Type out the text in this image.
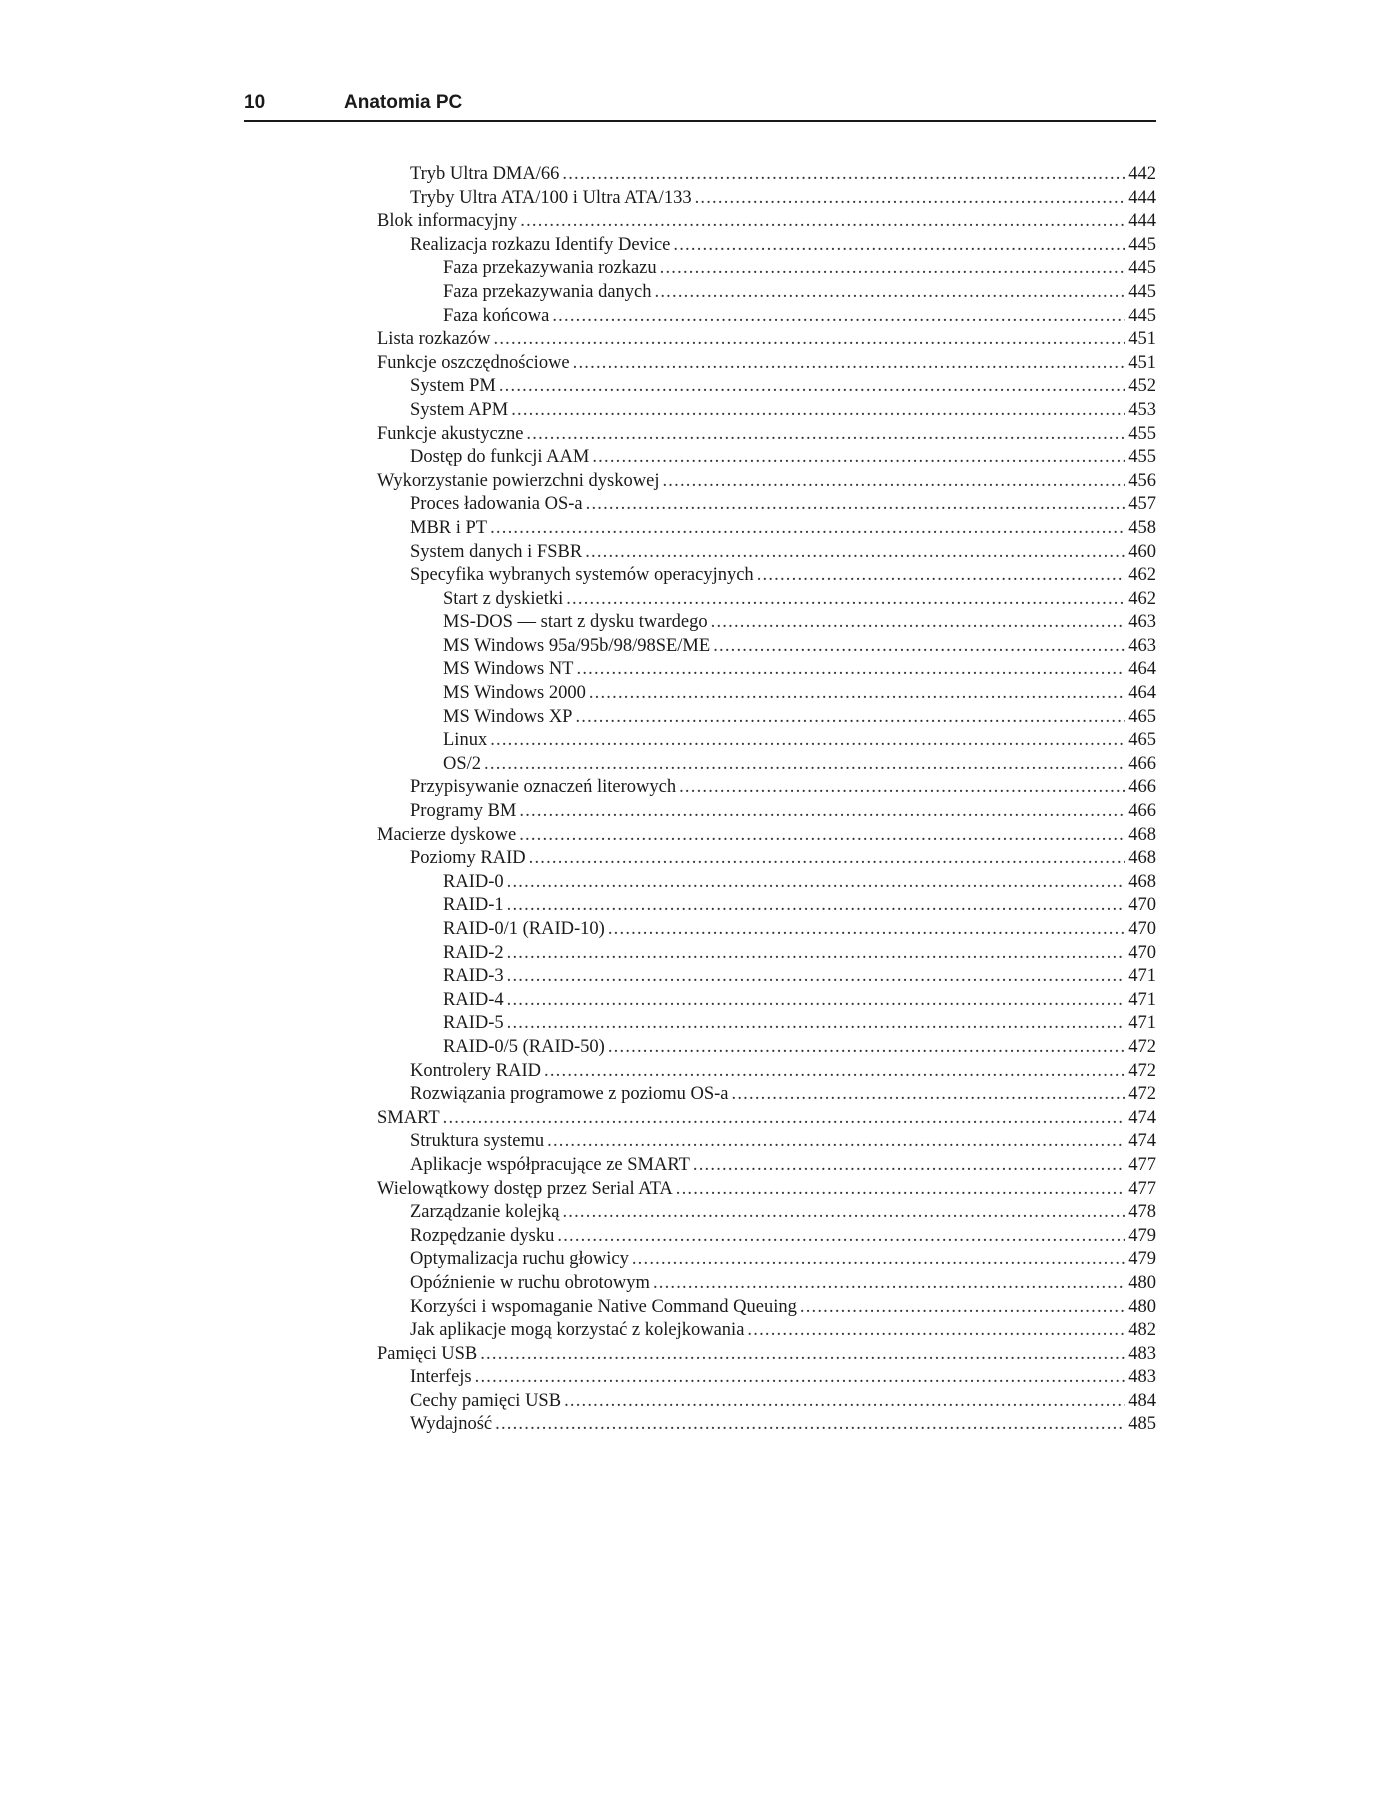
10	Anatomia PC
Tryb Ultra DMA/66 .....	442
Tryby Ultra ATA/100 i Ultra ATA/133 .....	444
Blok informacyjny .....	444
Realizacja rozkazu Identify Device .....	445
Faza przekazywania rozkazu .....	445
Faza przekazywania danych .....	445
Faza końcowa .....	445
Lista rozkazów .....	451
Funkcje oszczędnościowe .....	451
System PM .....	452
System APM .....	453
Funkcje akustyczne .....	455
Dostęp do funkcji AAM .....	455
Wykorzystanie powierzchni dyskowej .....	456
Proces ładowania OS-a .....	457
MBR i PT .....	458
System danych i FSBR .....	460
Specyfika wybranych systemów operacyjnych .....	462
Start z dyskietki .....	462
MS-DOS — start z dysku twardego .....	463
MS Windows 95a/95b/98/98SE/ME .....	463
MS Windows NT .....	464
MS Windows 2000 .....	464
MS Windows XP .....	465
Linux .....	465
OS/2 .....	466
Przypisywanie oznaczeń literowych .....	466
Programy BM .....	466
Macierze dyskowe .....	468
Poziomy RAID .....	468
RAID-0 .....	468
RAID-1 .....	470
RAID-0/1 (RAID-10) .....	470
RAID-2 .....	470
RAID-3 .....	471
RAID-4 .....	471
RAID-5 .....	471
RAID-0/5 (RAID-50) .....	472
Kontrolery RAID .....	472
Rozwiązania programowe z poziomu OS-a .....	472
SMART .....	474
Struktura systemu .....	474
Aplikacje współpracujące ze SMART .....	477
Wielowątkowy dostęp przez Serial ATA .....	477
Zarządzanie kolejką .....	478
Rozpędzanie dysku .....	479
Optymalizacja ruchu głowicy .....	479
Opóźnienie w ruchu obrotowym .....	480
Korzyści i wspomaganie Native Command Queuing .....	480
Jak aplikacje mogą korzystać z kolejkowania .....	482
Pamięci USB .....	483
Interfejs .....	483
Cechy pamięci USB .....	484
Wydajność .....	485
